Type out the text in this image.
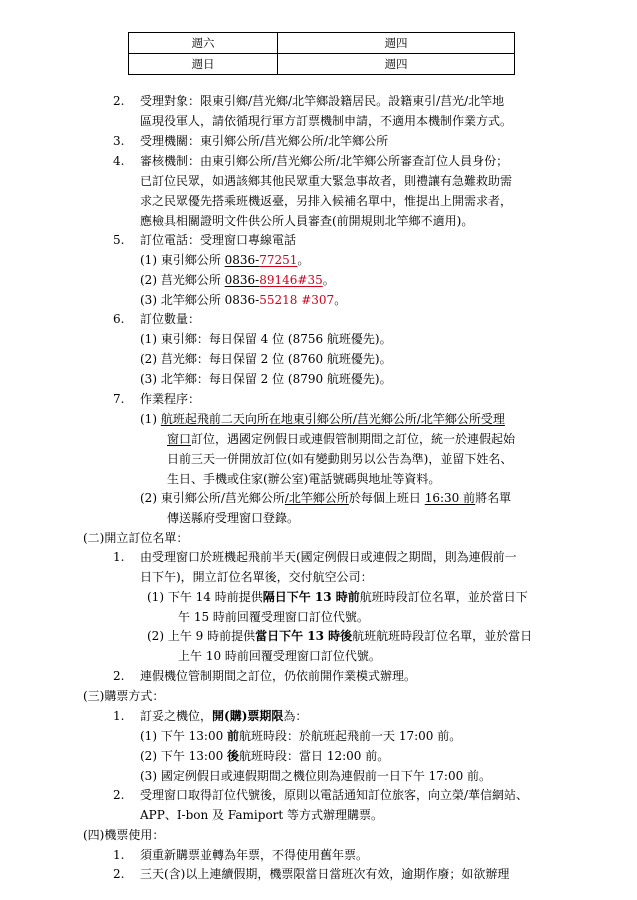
週六	週四
週日	週四
2. 受理對象：限東引鄉/莒光鄉/北竿鄉設籍居民。設籍東引/莒光/北竿地
區現役軍人，請依循現行軍方訂票機制申請，不適用本機制作業方式。
3. 受理機關：東引鄉公所/莒光鄉公所/北竿鄉公所
4. 審核機制：由東引鄉公所/莒光鄉公所/北竿鄉公所審查訂位人員身份；
已訂位民眾，如遇該鄉其他民眾重大緊急事故者，則禮讓有急難救助需
求之民眾優先搭乘班機返臺，另排入候補名單中，惟提出上開需求者，
應檢具相關證明文件供公所人員審查(前開規則北竿鄉不適用)。
5. 訂位電話：受理窗口專線電話
(1) 東引鄉公所 0836-77251。
(2) 莒光鄉公所 0836-89146#35。
(3) 北竿鄉公所 0836-55218 #307。
6. 訂位數量：
(1) 東引鄉：每日保留 4 位 (8756 航班優先)。
(2) 莒光鄉：每日保留 2 位 (8760 航班優先)。
(3) 北竿鄉：每日保留 2 位 (8790 航班優先)。
7. 作業程序：
(1) 航班起飛前二天向所在地東引鄉公所/莒光鄉公所/北竿鄉公所受理
窗口訂位，遇國定例假日或連假管制期間之訂位，統一於連假起始
日前三天一併開放訂位(如有變動則另以公告為準)，並留下姓名、
生日、手機或住家(辦公室)電話號碼與地址等資料。
(2) 東引鄉公所/莒光鄉公所/北竿鄉公所於每個上班日 16:30 前將名單
傳送縣府受理窗口登錄。
(二)開立訂位名單：
1. 由受理窗口於班機起飛前半天(國定例假日或連假之期間，則為連假前一
日下午)，開立訂位名單後，交付航空公司：
(1) 下午 14 時前提供隔日下午 13 時前航班時段訂位名單，並於當日下
午 15 時前回覆受理窗口訂位代號。
(2) 上午 9 時前提供當日下午 13 時後航班航班時段訂位名單，並於當日
上午 10 時前回覆受理窗口訂位代號。
2. 連假機位管制期間之訂位，仍依前開作業模式辦理。
(三)購票方式：
1. 訂妥之機位，開(購)票期限為：
(1) 下午 13:00 前航班時段：於航班起飛前一天 17:00 前。
(2) 下午 13:00 後航班時段：當日 12:00 前。
(3) 國定例假日或連假期間之機位則為連假前一日下午 17:00 前。
2. 受理窗口取得訂位代號後，原則以電話通知訂位旅客，向立榮/華信網站、
APP、I-bon 及 Famiport 等方式辦理購票。
(四)機票使用：
1. 須重新購票並轉為年票，不得使用舊年票。
2. 三天(含)以上連續假期，機票限當日當班次有效，逾期作廢；如欲辦理
